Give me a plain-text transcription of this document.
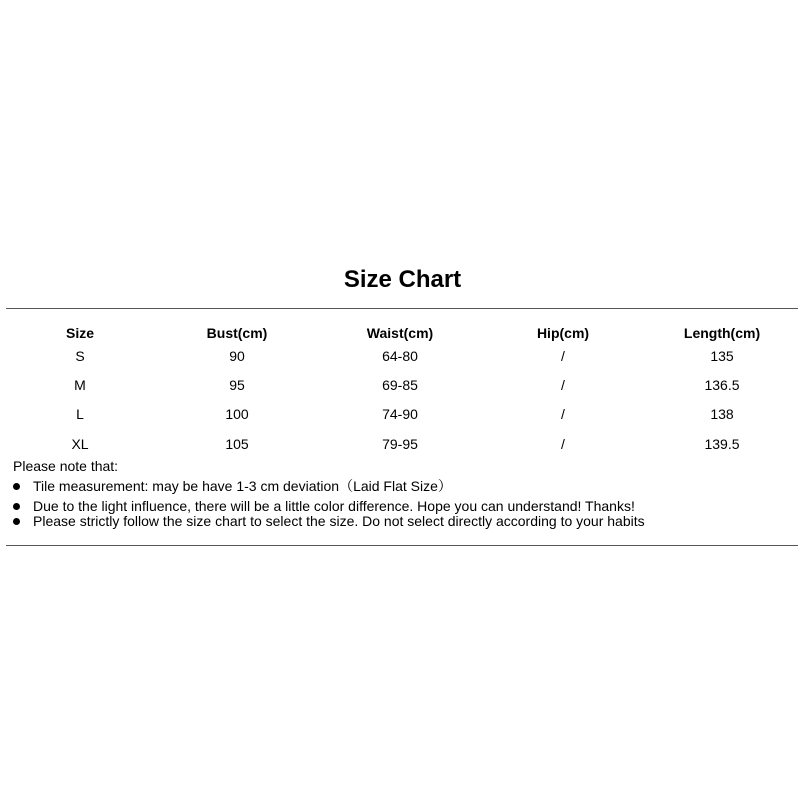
Size Chart
Size	Bust(cm)	Waist(cm)	Hip(cm)	Length(cm)
S	90	64-80	/	135
M	95	69-85	/	136.5
L	100	74-90	/	138
XL	105	79-95	/	139.5
Please note that:
Tile measurement: may be have 1-3 cm deviation（Laid Flat Size）
Due to the light influence, there will be a little color difference. Hope you can understand! Thanks!
Please strictly follow the size chart to select the size. Do not select directly according to your habits
